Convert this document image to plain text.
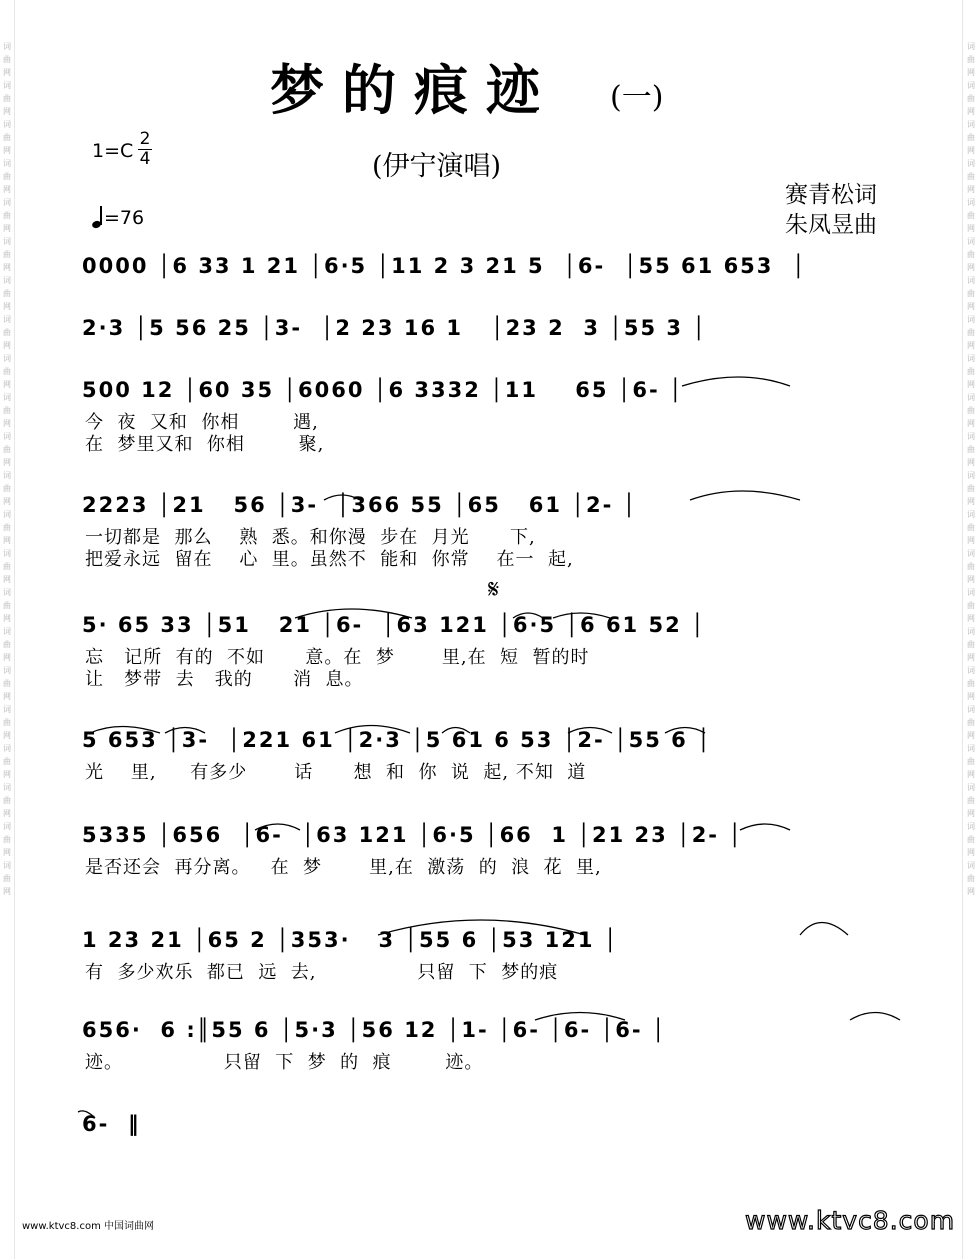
词曲网 词曲网 词曲网 词曲网 词曲网 词曲网 词曲网 词曲网 词曲网 词曲网 词曲网 词曲网 词曲网 词曲网 词曲网 词曲网 词曲网 词曲网 词曲网 词曲网 词曲网 词曲网
词曲网 词曲网 词曲网 词曲网 词曲网 词曲网 词曲网 词曲网 词曲网 词曲网 词曲网 词曲网 词曲网 词曲网 词曲网 词曲网 词曲网 词曲网 词曲网 词曲网 词曲网 词曲网
梦的痕迹 (一)
1=C
2
4
=76
(伊宁演唱)
赛青松词
朱凤昱曲
0000 │6 33 1 21 │6·5 │11 2 3 21 5  │6-  │55 61 653  │
2·3 │5 56 25 │3-  │2 23 16 1   │23 2  3 │55 3 │
500 12 │60 35 │6060 │6 3332 │11    65 │6- │
今  夜  又和  你相        遇,
在  梦里又和  你相        聚,
2223 │21   56 │3-  │366 55 │65   61 │2- │
一切都是  那么    熟  悉。和你漫  步在  月光      下,
把爱永远  留在    心  里。虽然不  能和  你常    在一  起,
5· 65 33 │51   21 │6-  │63 121 │6·5 │6 61 52 │
忘   记所  有的  不如      意。在  梦       里,在  短  暂的时
让   梦带  去   我的      消  息。
5 653 │3-  │221 61 │2·3 │5 61 6 53 │2- │55 6 │
光    里,     有多少       话      想  和  你  说  起, 不知  道
5335 │656  │6-  │63 121 │6·5 │66  1 │21 23 │2- │
是否还会  再分离。   在  梦       里,在  激荡  的  浪  花  里,
1 23 21 │65 2 │353·   3 │55 6 │53 121 │
有  多少欢乐  都已  远  去,               只留  下  梦的痕
656·  6 :║55 6 │5·3 │56 12 │1- │6- │6- │6- │
迹。               只留  下  梦  的  痕        迹。
6-  ‖
𝄋
www.ktvc8.com 中国词曲网	www.ktvc8.com
